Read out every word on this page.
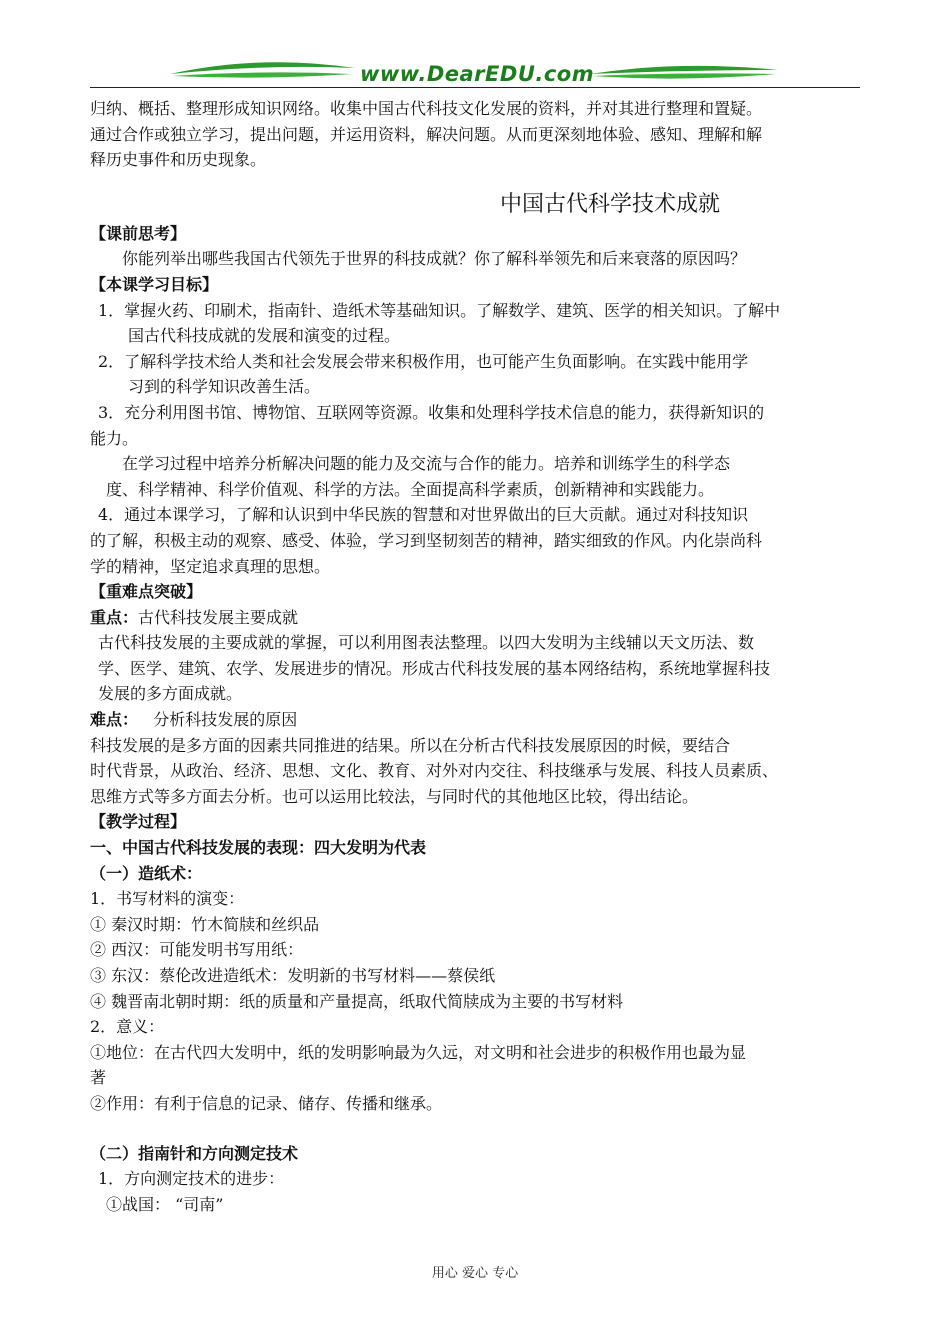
www.DearEDU.com
归纳、概括、整理形成知识网络。收集中国古代科技文化发展的资料，并对其进行整理和置疑。
通过合作或独立学习，提出问题，并运用资料，解决问题。从而更深刻地体验、感知、理解和解
释历史事件和历史现象。
中国古代科学技术成就
【课前思考】
你能列举出哪些我国古代领先于世界的科技成就？你了解科举领先和后来衰落的原因吗？
【本课学习目标】
1．掌握火药、印刷术，指南针、造纸术等基础知识。了解数学、建筑、医学的相关知识。了解中
国古代科技成就的发展和演变的过程。
2．了解科学技术给人类和社会发展会带来积极作用，也可能产生负面影响。在实践中能用学
习到的科学知识改善生活。
3．充分利用图书馆、博物馆、互联网等资源。收集和处理科学技术信息的能力，获得新知识的
能力。
在学习过程中培养分析解决问题的能力及交流与合作的能力。培养和训练学生的科学态
度、科学精神、科学价值观、科学的方法。全面提高科学素质，创新精神和实践能力。
4．通过本课学习，了解和认识到中华民族的智慧和对世界做出的巨大贡献。通过对科技知识
的了解，积极主动的观察、感受、体验，学习到坚韧刻苦的精神，踏实细致的作风。内化崇尚科
学的精神，坚定追求真理的思想。
【重难点突破】
重点：古代科技发展主要成就
古代科技发展的主要成就的掌握，可以利用图表法整理。以四大发明为主线辅以天文历法、数
学、医学、建筑、农学、发展进步的情况。形成古代科技发展的基本网络结构，系统地掌握科技
发展的多方面成就。
难点： 分析科技发展的原因
科技发展的是多方面的因素共同推进的结果。所以在分析古代科技发展原因的时候，要结合
时代背景，从政治、经济、思想、文化、教育、对外对内交往、科技继承与发展、科技人员素质、
思维方式等多方面去分析。也可以运用比较法，与同时代的其他地区比较，得出结论。
【教学过程】
一、中国古代科技发展的表现：四大发明为代表
（一）造纸术：
1．书写材料的演变：
① 秦汉时期：竹木简牍和丝织品
② 西汉：可能发明书写用纸：
③ 东汉：蔡伦改进造纸术：发明新的书写材料——蔡侯纸
④ 魏晋南北朝时期：纸的质量和产量提高，纸取代简牍成为主要的书写材料
2．意义：
①地位：在古代四大发明中，纸的发明影响最为久远，对文明和社会进步的积极作用也最为显
著
②作用：有利于信息的记录、储存、传播和继承。
（二）指南针和方向测定技术
1．方向测定技术的进步：
①战国： “司南”
用心 爱心 专心
